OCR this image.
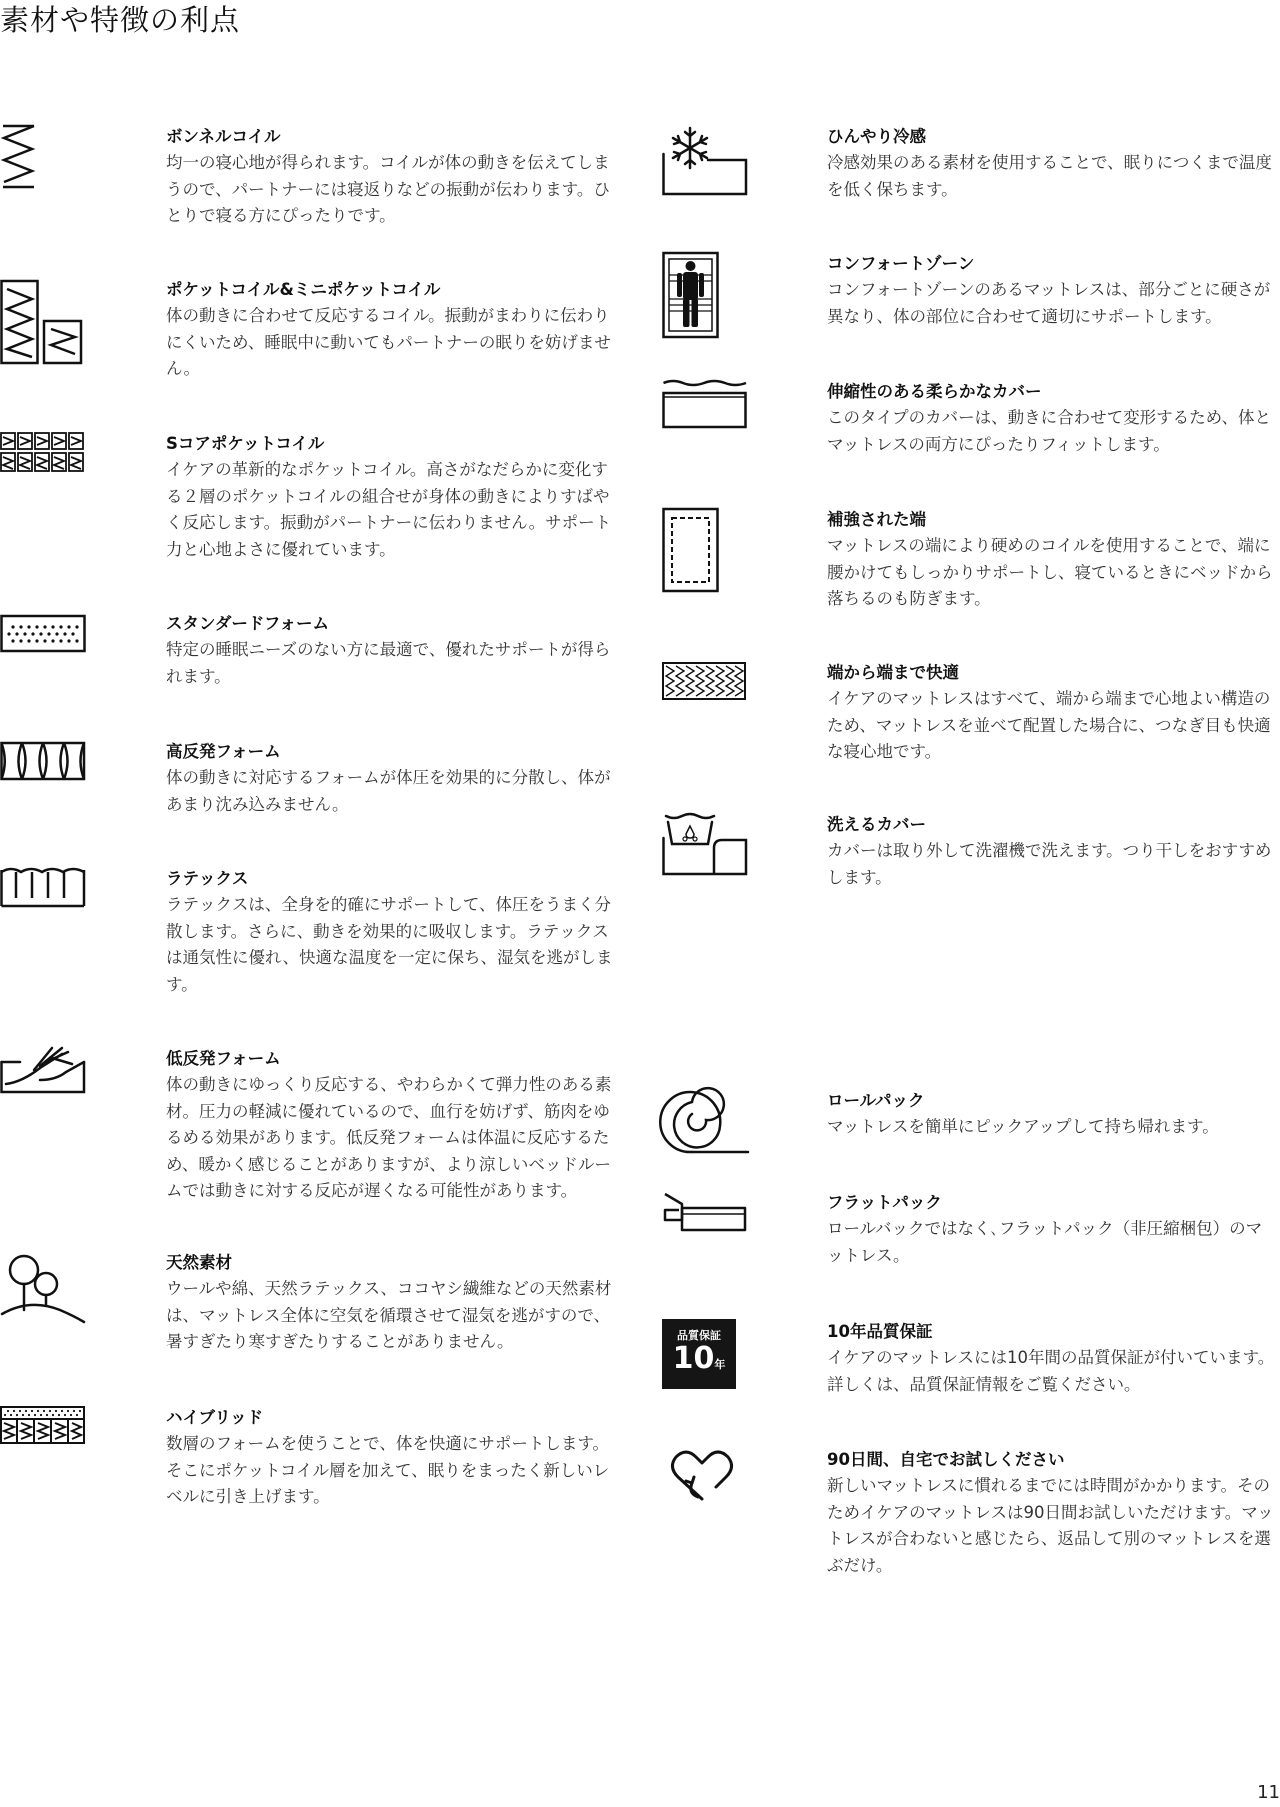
素材や特徴の利点
ボンネルコイル

均一の寝心地が得られます。コイルが体の動きを伝えてしまうので、パートナーには寝返りなどの振動が伝わります。ひとりで寝る方にぴったりです。

ポケットコイル&ミニポケットコイル

体の動きに合わせて反応するコイル。振動がまわりに伝わりにくいため、睡眠中に動いてもパートナーの眠りを妨げません。

Sコアポケットコイル

イケアの革新的なポケットコイル。高さがなだらかに変化する２層のポケットコイルの組合せが身体の動きによりすばやく反応します。振動がパートナーに伝わりません。サポート力と心地よさに優れています。

スタンダードフォーム

特定の睡眠ニーズのない方に最適で、優れたサポートが得られます。

高反発フォーム

体の動きに対応するフォームが体圧を効果的に分散し、体があまり沈み込みません。

ラテックス

ラテックスは、全身を的確にサポートして、体圧をうまく分散します。さらに、動きを効果的に吸収します。ラテックスは通気性に優れ、快適な温度を一定に保ち、湿気を逃がします。

低反発フォーム

体の動きにゆっくり反応する、やわらかくて弾力性のある素材。圧力の軽減に優れているので、血行を妨げず、筋肉をゆるめる効果があります。低反発フォームは体温に反応するため、暖かく感じることがありますが、より涼しいベッドルームでは動きに対する反応が遅くなる可能性があります。

天然素材

ウールや綿、天然ラテックス、ココヤシ繊維などの天然素材は、マットレス全体に空気を循環させて湿気を逃がすので、暑すぎたり寒すぎたりすることがありません。

ハイブリッド

数層のフォームを使うことで、体を快適にサポートします。そこにポケットコイル層を加えて、眠りをまったく新しいレベルに引き上げます。

ひんやり冷感

冷感効果のある素材を使用することで、眠りにつくまで温度を低く保ちます。

コンフォートゾーン

コンフォートゾーンのあるマットレスは、部分ごとに硬さが異なり、体の部位に合わせて適切にサポートします。

伸縮性のある柔らかなカバー

このタイプのカバーは、動きに合わせて変形するため、体とマットレスの両方にぴったりフィットします。

補強された端

マットレスの端により硬めのコイルを使用することで、端に腰かけてもしっかりサポートし、寝ているときにベッドから落ちるのも防ぎます。

端から端まで快適

イケアのマットレスはすべて、端から端まで心地よい構造のため、マットレスを並べて配置した場合に、つなぎ目も快適な寝心地です。

洗えるカバー

カバーは取り外して洗濯機で洗えます。つり干しをおすすめします。

ロールパック

マットレスを簡単にピックアップして持ち帰れます。

フラットパック

ロールバックではなく､フラットパック（非圧縮梱包）のマットレス。

品質保証
10年
10年品質保証

イケアのマットレスには10年間の品質保証が付いています。詳しくは、品質保証情報をご覧ください。

90日間、自宅でお試しください

新しいマットレスに慣れるまでには時間がかかります。そのためイケアのマットレスは90日間お試しいただけます。マットレスが合わないと感じたら、返品して別のマットレスを選ぶだけ。

11
